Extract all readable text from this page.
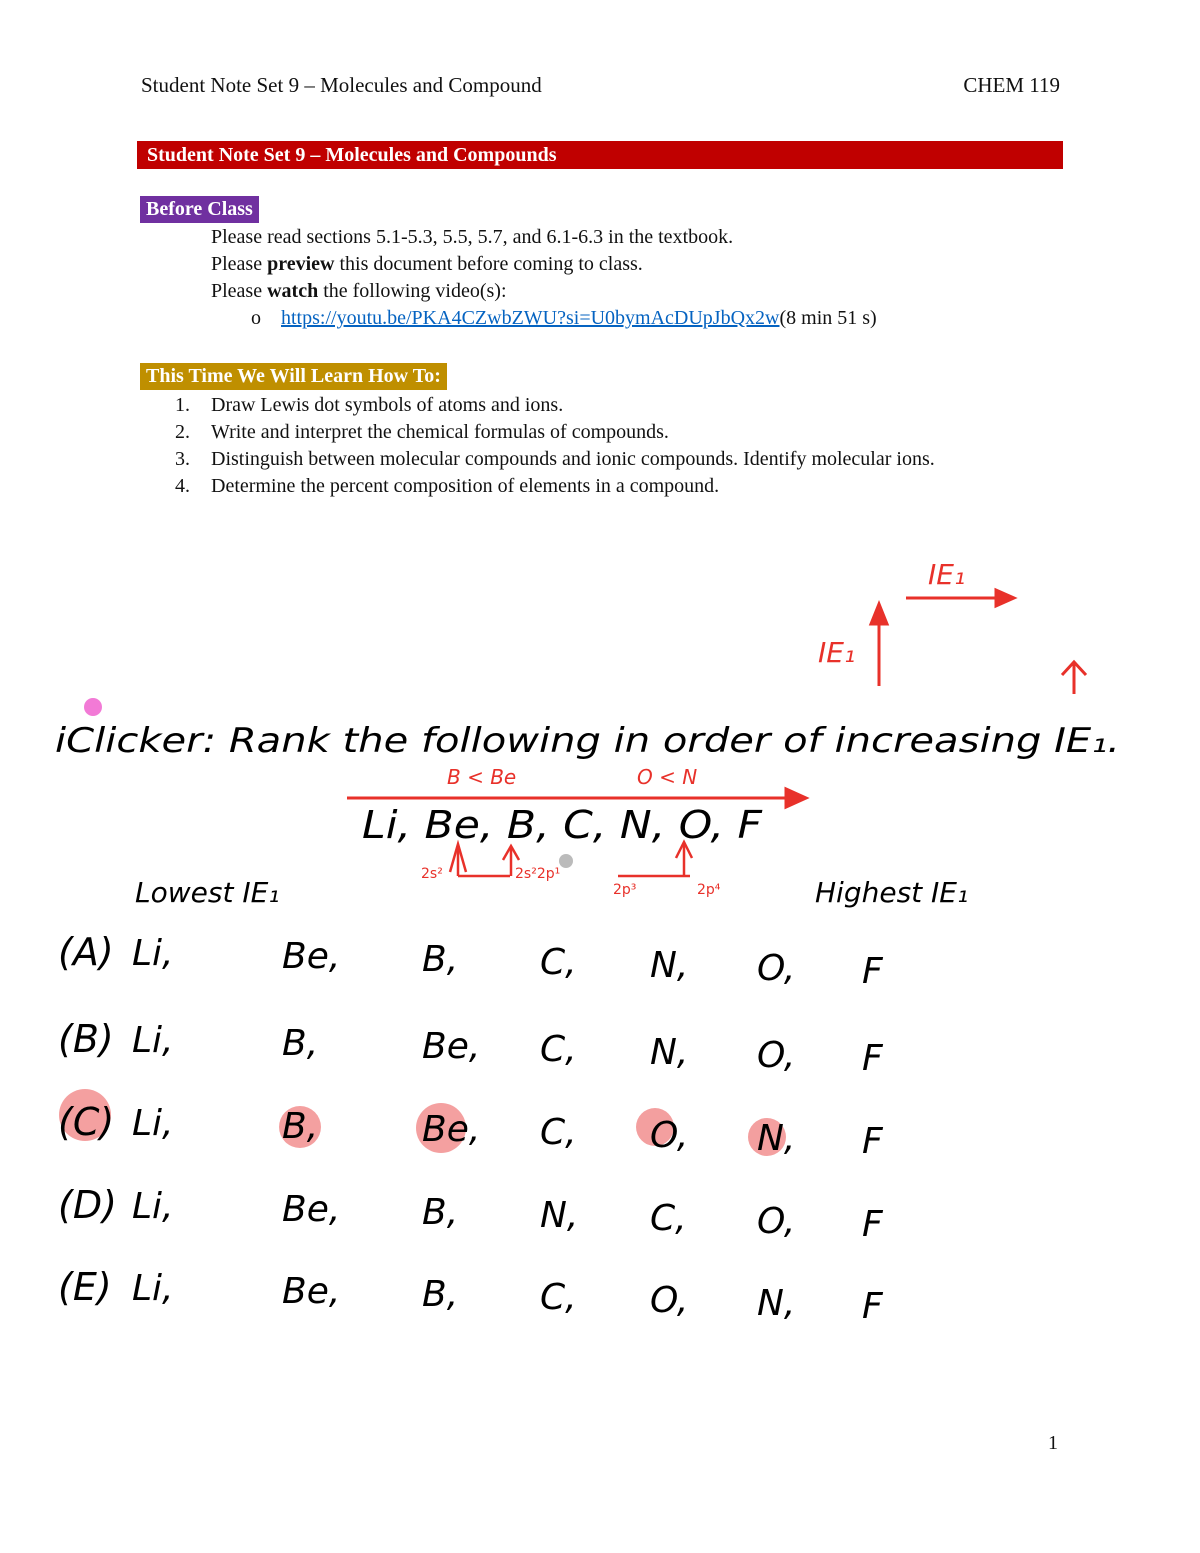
Student Note Set 9 – Molecules and Compound	CHEM 119
Student Note Set 9 – Molecules and Compounds
Before Class
Please read sections 5.1-5.3, 5.5, 5.7, and 6.1-6.3 in the textbook.
Please preview this document before coming to class.
Please watch the following video(s):
o	https://youtu.be/PKA4CZwbZWU?si=U0bymAcDUpJbQx2w (8 min 51 s)
This Time We Will Learn How To:
1.	Draw Lewis dot symbols of atoms and ions.
2.	Write and interpret the chemical formulas of compounds.
3.	Distinguish between molecular compounds and ionic compounds. Identify molecular ions.
4.	Determine the percent composition of elements in a compound.
IE₁
IE₁
iClicker: Rank the following in order of increasing IE₁.
B < Be	O < N
Li, Be, B, C, N, O, F
2s²	2s²2p¹
2p³	2p⁴
Lowest IE₁	Highest IE₁
(A) Li,	Be, B, C, N, O, F
(B) Li,	B,	Be, C, N, O, F
(C) Li,	B,	Be, C, O, N, F
(D) Li,	Be, B, N, C, O, F
(E) Li,	Be, B, C, O, N, F
1
